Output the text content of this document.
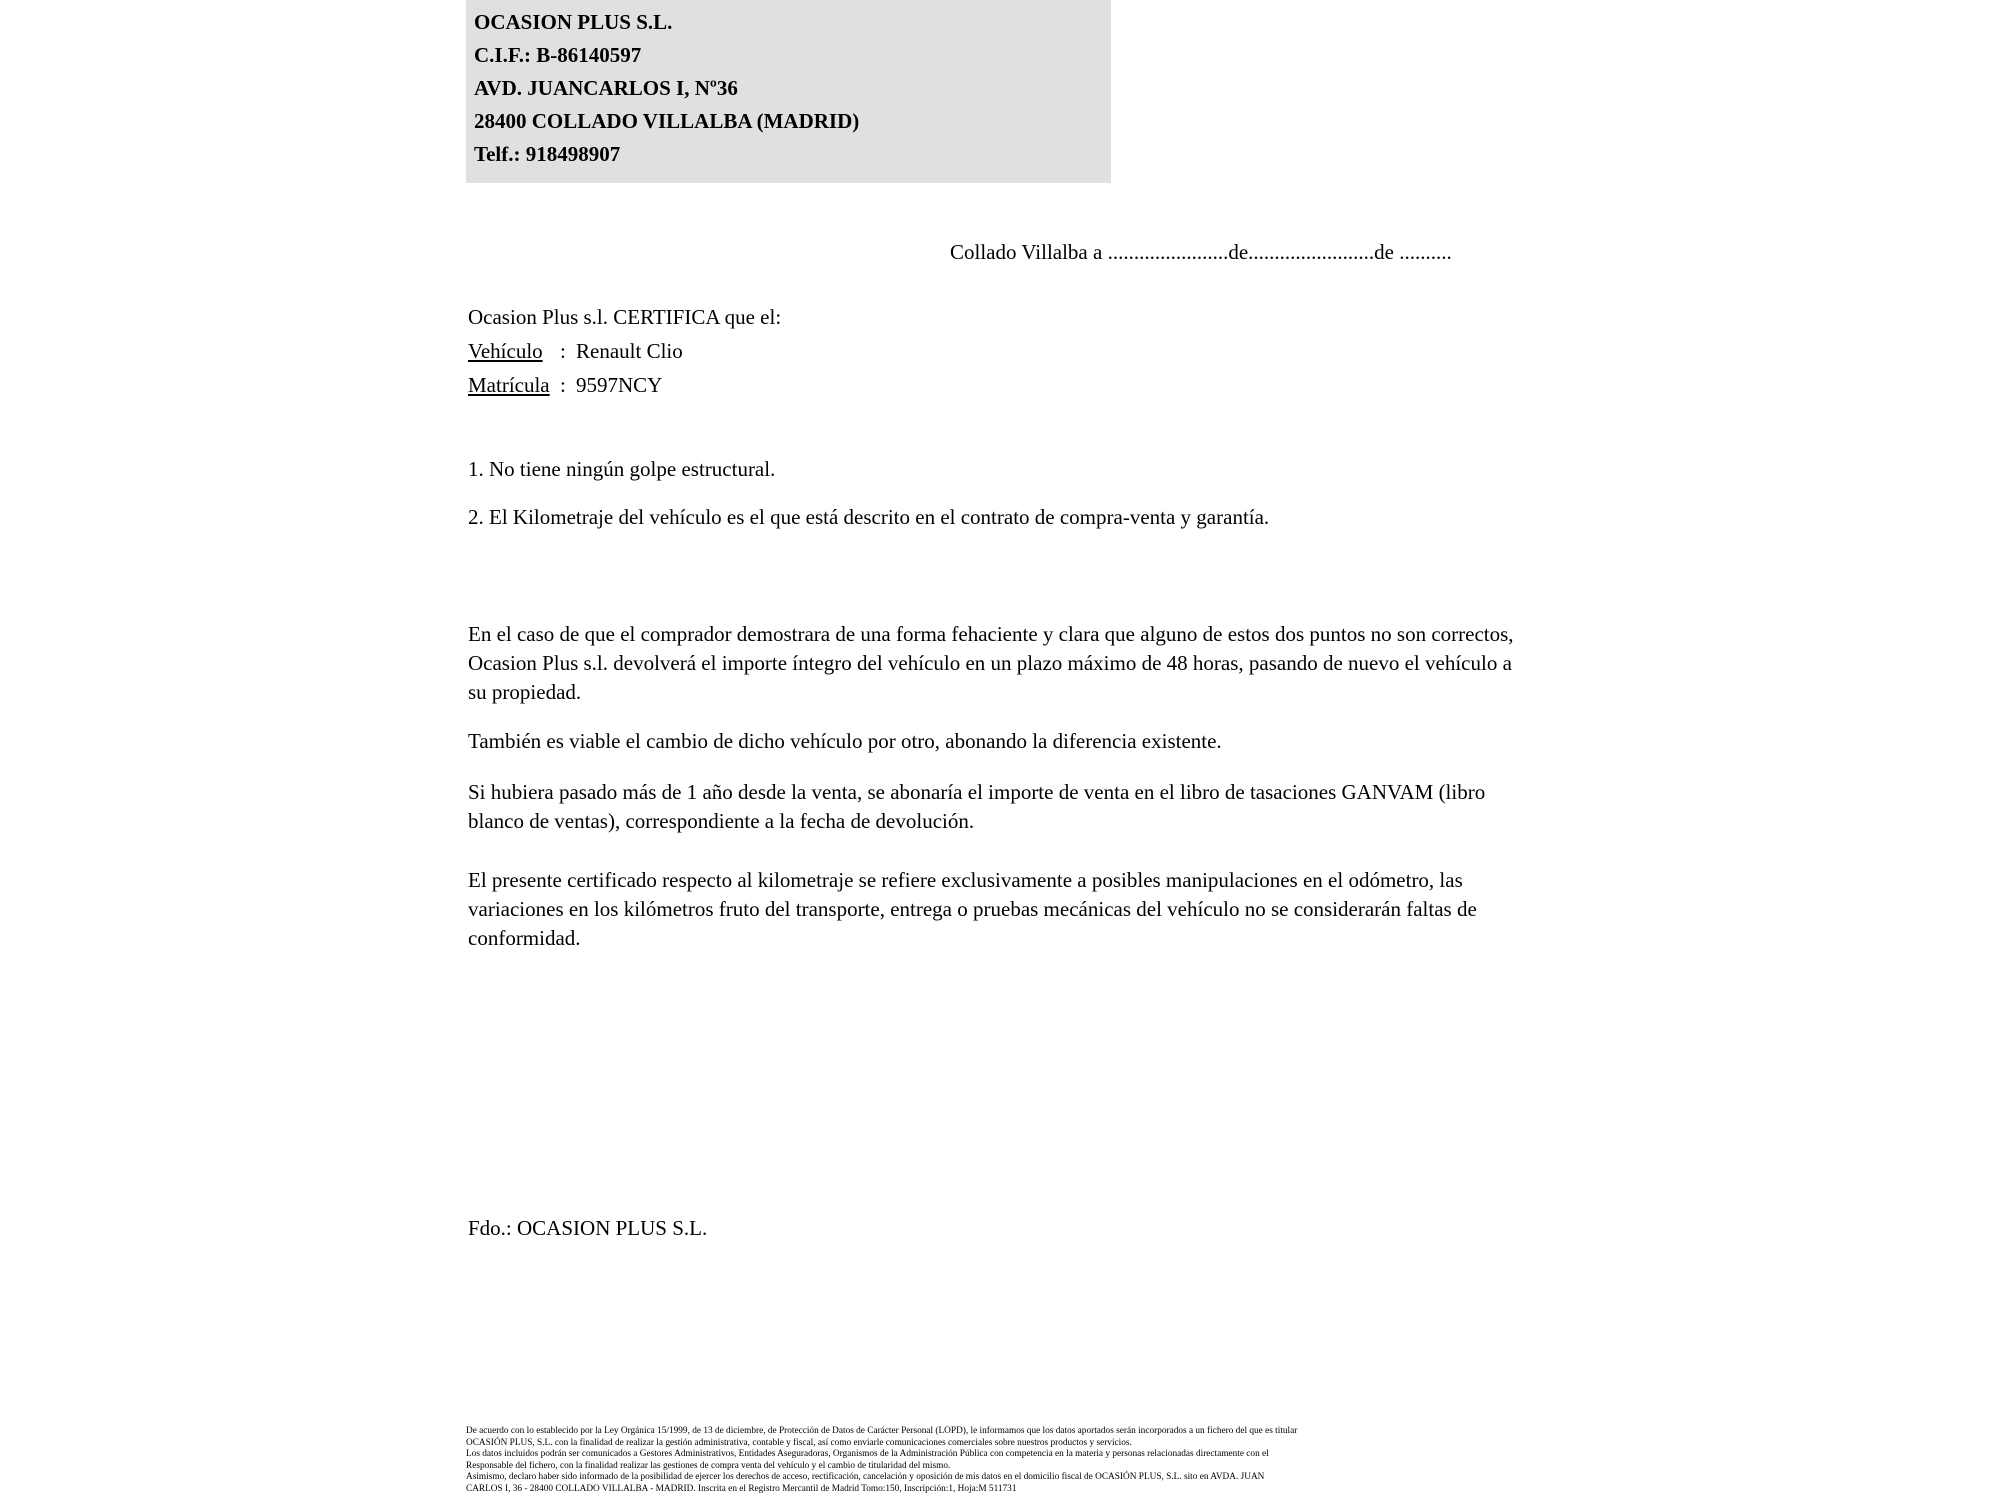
OCASION PLUS S.L.
C.I.F.: B-86140597
AVD. JUANCARLOS I, Nº36
28400 COLLADO VILLALBA (MADRID)
Telf.: 918498907
Collado Villalba a .......................de........................de ..........
Ocasion Plus s.l. CERTIFICA que el:
Vehículo : Renault Clio
Matrícula : 9597NCY
1. No tiene ningún golpe estructural.
2. El Kilometraje del vehículo es el que está descrito en el contrato de compra-venta y garantía.
En el caso de que el comprador demostrara de una forma fehaciente y clara que alguno de estos dos puntos no son correctos, Ocasion Plus s.l. devolverá el importe íntegro del vehículo en un plazo máximo de 48 horas, pasando de nuevo el vehículo a su propiedad.
También es viable el cambio de dicho vehículo por otro, abonando la diferencia existente.
Si hubiera pasado más de 1 año desde la venta, se abonaría el importe de venta en el libro de tasaciones GANVAM (libro blanco de ventas), correspondiente a la fecha de devolución.
El presente certificado respecto al kilometraje se refiere exclusivamente a posibles manipulaciones en el odómetro, las variaciones en los kilómetros fruto del transporte, entrega o pruebas mecánicas del vehículo no se considerarán faltas de conformidad.
Fdo.: OCASION PLUS S.L.

De acuerdo con lo establecido por la Ley Orgánica 15/1999, de 13 de diciembre, de Protección de Datos de Carácter Personal (LOPD), le informamos que los datos aportados serán incorporados a un fichero del que es titular

OCASIÓN PLUS, S.L. con la finalidad de realizar la gestión administrativa, contable y fiscal, así como enviarle comunicaciones comerciales sobre nuestros productos y servicios.

Los datos incluidos podrán ser comunicados a Gestores Administrativos, Entidades Aseguradoras, Organismos de la Administración Pública con competencia en la materia y personas relacionadas directamente con el

Responsable del fichero, con la finalidad realizar las gestiones de compra venta del vehículo y el cambio de titularidad del mismo.

Asimismo, declaro haber sido informado de la posibilidad de ejercer los derechos de acceso, rectificación, cancelación y oposición de mis datos en el domicilio fiscal de OCASIÓN PLUS, S.L. sito en AVDA. JUAN

CARLOS I, 36 - 28400 COLLADO VILLALBA - MADRID. Inscrita en el Registro Mercantil de Madrid Tomo:150, Inscripción:1, Hoja:M 511731
